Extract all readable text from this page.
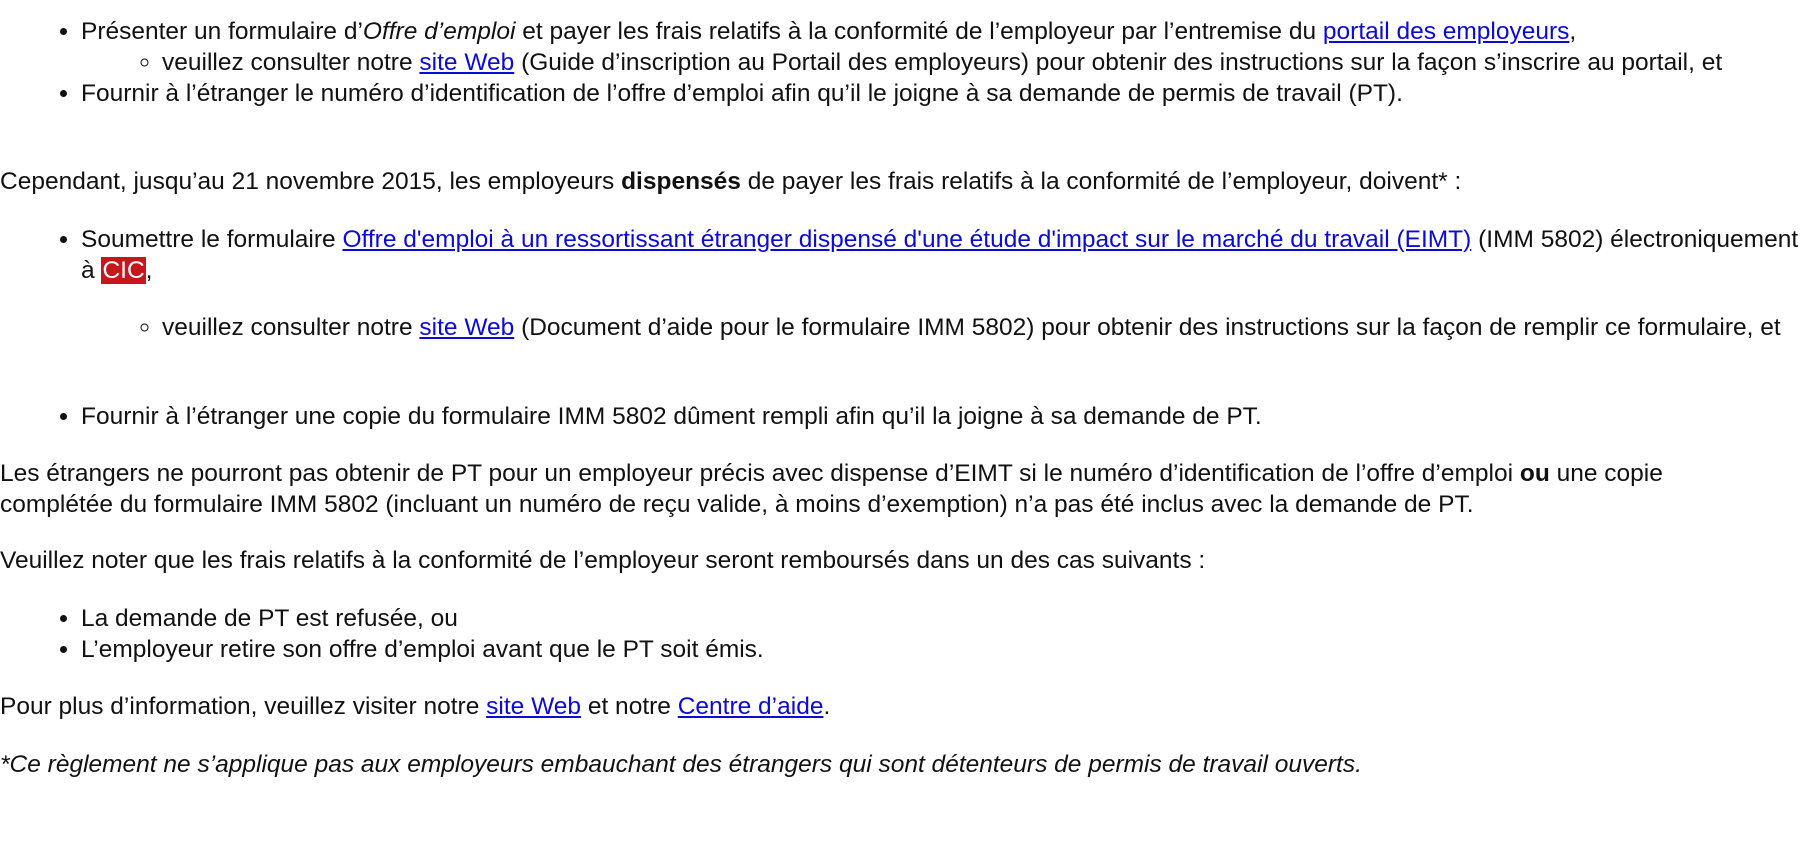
• Présenter un formulaire d’Offre d’emploi et payer les frais relatifs à la conformité de l’employeur par l’entremise du portail des employeurs,
◦ veuillez consulter notre site Web (Guide d’inscription au Portail des employeurs) pour obtenir des instructions sur la façon s’inscrire au portail, et
• Fournir à l’étranger le numéro d’identification de l’offre d’emploi afin qu’il le joigne à sa demande de permis de travail (PT).

Cependant, jusqu’au 21 novembre 2015, les employeurs dispensés de payer les frais relatifs à la conformité de l’employeur, doivent* :

• Soumettre le formulaire Offre d'emploi à un ressortissant étranger dispensé d'une étude d'impact sur le marché du travail (EIMT) (IMM 5802) électroniquement à CIC,
◦ veuillez consulter notre site Web (Document d’aide pour le formulaire IMM 5802) pour obtenir des instructions sur la façon de remplir ce formulaire, et
• Fournir à l’étranger une copie du formulaire IMM 5802 dûment rempli afin qu’il la joigne à sa demande de PT.

Les étrangers ne pourront pas obtenir de PT pour un employeur précis avec dispense d’EIMT si le numéro d’identification de l’offre d’emploi ou une copie complétée du formulaire IMM 5802 (incluant un numéro de reçu valide, à moins d’exemption) n’a pas été inclus avec la demande de PT.

Veuillez noter que les frais relatifs à la conformité de l’employeur seront remboursés dans un des cas suivants :

• La demande de PT est refusée, ou
• L’employeur retire son offre d’emploi avant que le PT soit émis.

Pour plus d’information, veuillez visiter notre site Web et notre Centre d’aide.

*Ce règlement ne s’applique pas aux employeurs embauchant des étrangers qui sont détenteurs de permis de travail ouverts.
